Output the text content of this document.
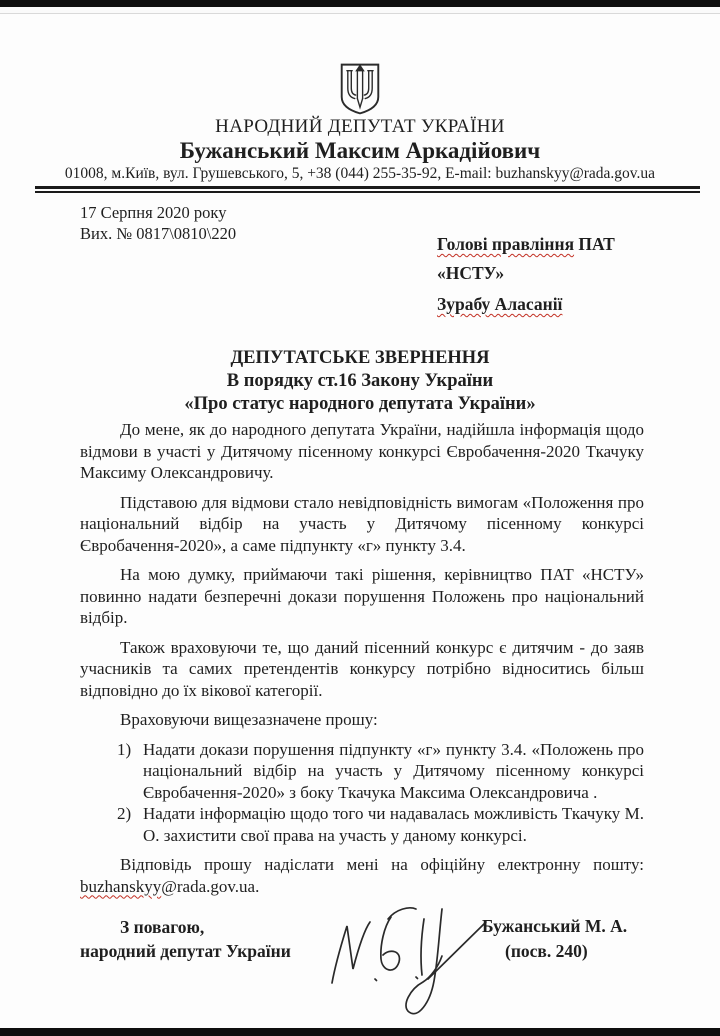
НАРОДНИЙ ДЕПУТАТ УКРАЇНИ
Бужанський Максим Аркадійович
01008, м.Київ, вул. Грушевського, 5, +38 (044) 255-35-92, E-mail: buzhanskyy@rada.gov.ua
17 Серпня 2020 року
Вих. № 0817\0810\220
Голові правління ПАТ
«НСТУ»
Зурабу Аласанії
ДЕПУТАТСЬКЕ ЗВЕРНЕННЯ
В порядку ст.16 Закону України
«Про статус народного депутата України»

До мене, як до народного депутата України, надійшла інформація щодо відмови в участі у Дитячому пісенному конкурсі Євробачення-2020 Ткачуку Максиму Олександровичу.

Підставою для відмови стало невідповідність вимогам «Положення про національний відбір на участь у Дитячому пісенному конкурсі Євробачення-2020», а саме підпункту «г» пункту 3.4.

На мою думку, приймаючи такі рішення, керівництво ПАТ «НСТУ» повинно надати безперечні докази порушення Положень про національний відбір.

Також враховуючи те, що даний пісенний конкурс є дитячим - до заяв учасників та самих претендентів конкурсу потрібно відноситись більш відповідно до їх вікової категорії.

Враховуючи вищезазначене прошу:

1) Надати докази порушення підпункту «г» пункту 3.4. «Положень про національний відбір на участь у Дитячому пісенному конкурсі Євробачення-2020» з боку Ткачука Максима Олександровича .
2) Надати інформацію щодо того чи надавалась можливість Ткачуку М. О. захистити свої права на участь у даному конкурсі.

Відповідь прошу надіслати мені на офіційну електронну пошту: buzhanskyy@rada.gov.ua.

З повагою,
народний депутат України
Бужанський М. А.
(посв. 240)
